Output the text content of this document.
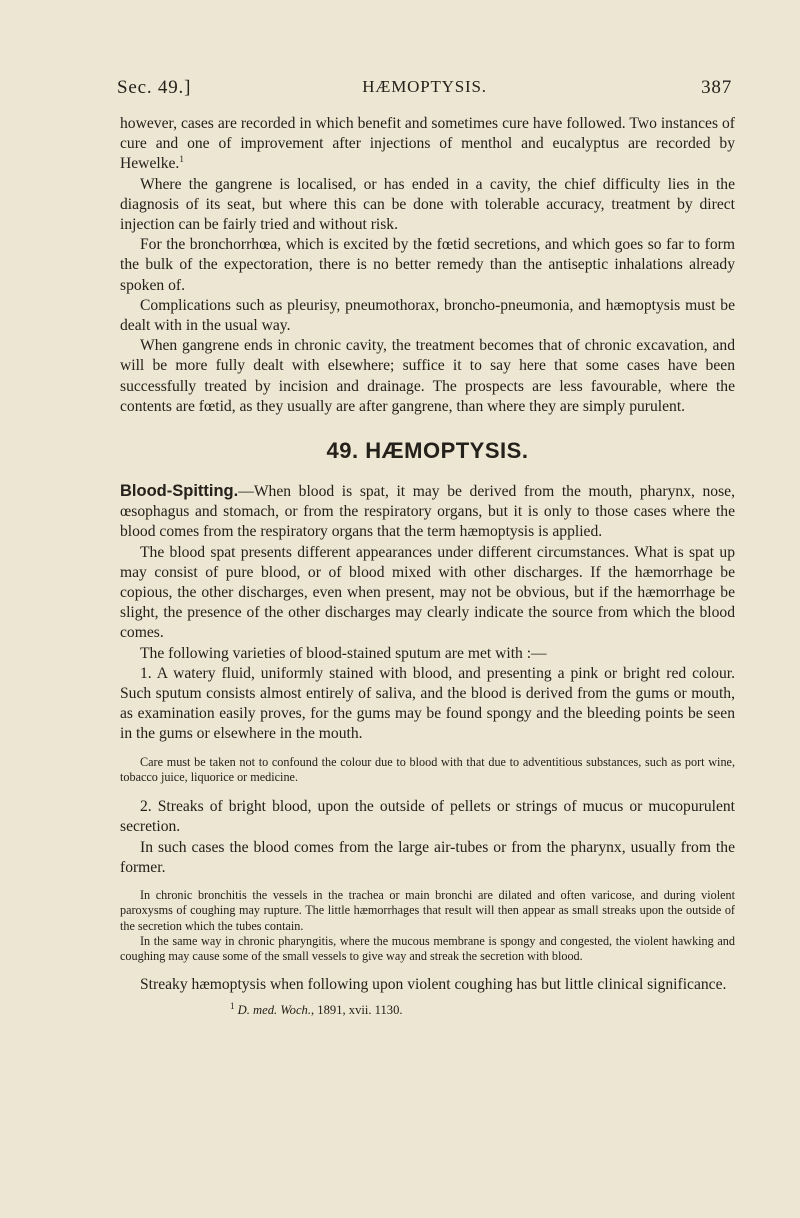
Sec. 49.]	HÆMOPTYSIS.	387

however, cases are recorded in which benefit and sometimes cure have followed. Two instances of cure and one of improvement after injections of menthol and eucalyptus are recorded by Hewelke.$^1$

Where the gangrene is localised, or has ended in a cavity, the chief difficulty lies in the diagnosis of its seat, but where this can be done with tolerable accuracy, treatment by direct injection can be fairly tried and without risk.

For the bronchorrhœa, which is excited by the fœtid secretions, and which goes so far to form the bulk of the expectoration, there is no better remedy than the antiseptic inhalations already spoken of.

Complications such as pleurisy, pneumothorax, broncho-pneumonia, and hæmoptysis must be dealt with in the usual way.

When gangrene ends in chronic cavity, the treatment becomes that of chronic excavation, and will be more fully dealt with elsewhere; suffice it to say here that some cases have been successfully treated by incision and drainage. The prospects are less favourable, where the contents are fœtid, as they usually are after gangrene, than where they are simply purulent.

49. HÆMOPTYSIS.

Blood-Spitting.—When blood is spat, it may be derived from the mouth, pharynx, nose, œsophagus and stomach, or from the respiratory organs, but it is only to those cases where the blood comes from the respiratory organs that the term hæmoptysis is applied.

The blood spat presents different appearances under different circumstances. What is spat up may consist of pure blood, or of blood mixed with other discharges. If the hæmorrhage be copious, the other discharges, even when present, may not be obvious, but if the hæmorrhage be slight, the presence of the other discharges may clearly indicate the source from which the blood comes.

The following varieties of blood-stained sputum are met with :—

1. A watery fluid, uniformly stained with blood, and presenting a pink or bright red colour. Such sputum consists almost entirely of saliva, and the blood is derived from the gums or mouth, as examination easily proves, for the gums may be found spongy and the bleeding points be seen in the gums or elsewhere in the mouth.

Care must be taken not to confound the colour due to blood with that due to adventitious substances, such as port wine, tobacco juice, liquorice or medicine.

2. Streaks of bright blood, upon the outside of pellets or strings of mucus or mucopurulent secretion.

In such cases the blood comes from the large air-tubes or from the pharynx, usually from the former.

In chronic bronchitis the vessels in the trachea or main bronchi are dilated and often varicose, and during violent paroxysms of coughing may rupture. The little hæmorrhages that result will then appear as small streaks upon the outside of the secretion which the tubes contain.

In the same way in chronic pharyngitis, where the mucous membrane is spongy and congested, the violent hawking and coughing may cause some of the small vessels to give way and streak the secretion with blood.

Streaky hæmoptysis when following upon violent coughing has but little clinical significance.

$^1$ D. med. Woch., 1891, xvii. 1130.
